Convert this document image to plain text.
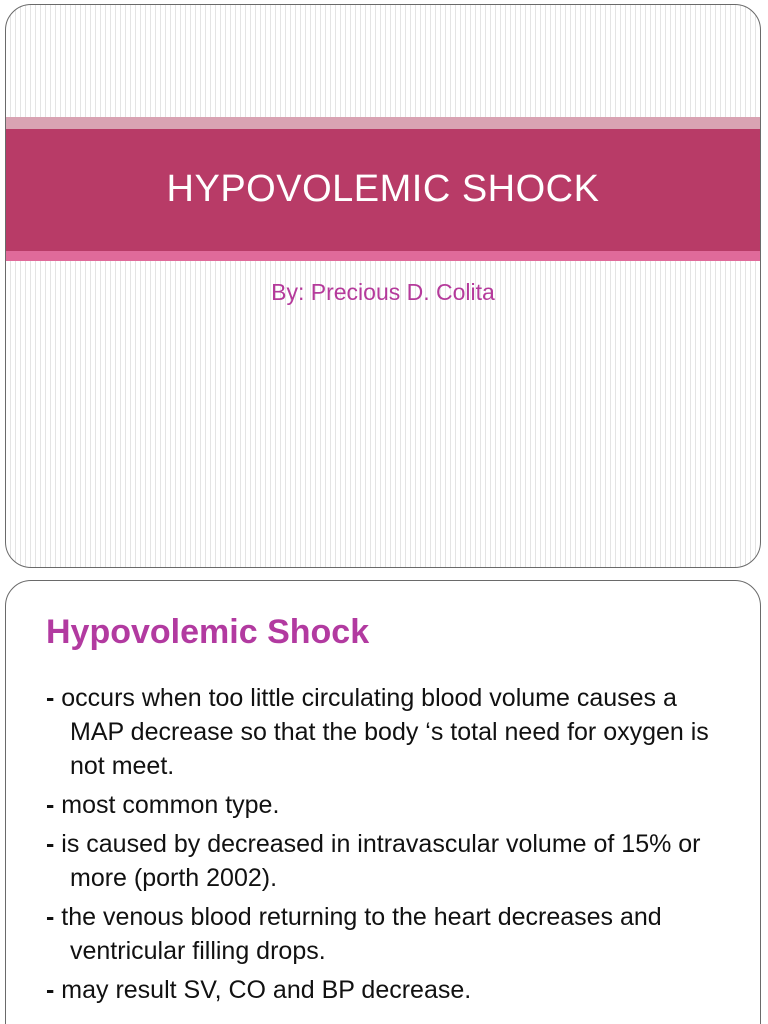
HYPOVOLEMIC SHOCK
By: Precious D. Colita
Hypovolemic Shock
- occurs when too little circulating blood volume causes a MAP decrease so that the body ‘s total need for oxygen is not meet.
- most common type.
- is caused by decreased in intravascular volume of 15% or more (porth 2002).
- the venous blood returning to the heart decreases and ventricular filling drops.
- may result SV, CO and BP decrease.
